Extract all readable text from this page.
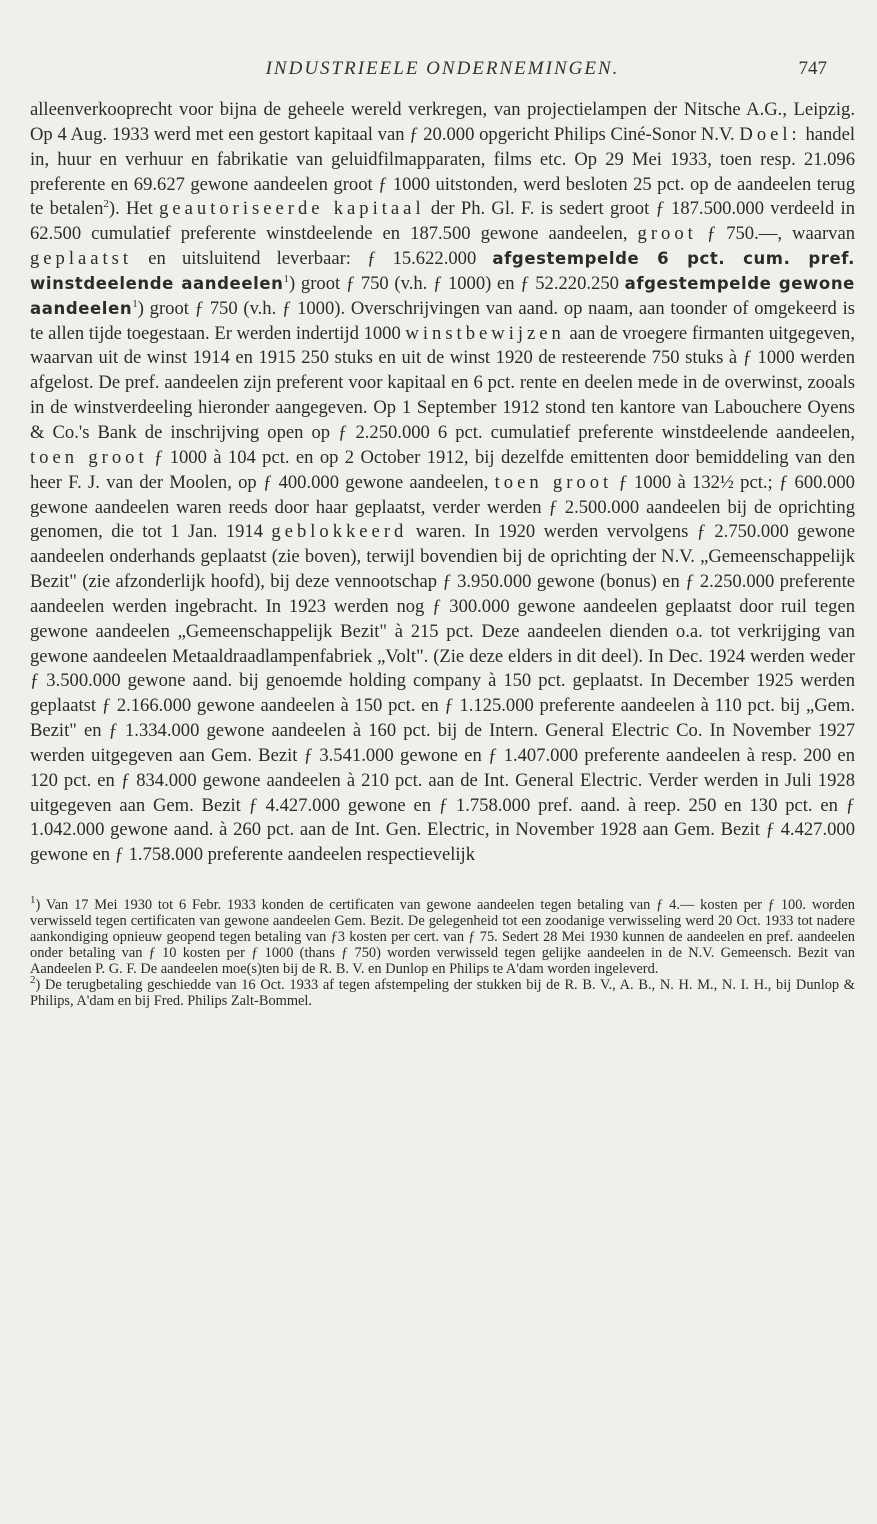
INDUSTRIEELE ONDERNEMINGEN.	747

alleenverkooprecht voor bijna de geheele wereld verkregen, van projectielampen der Nitsche A.G., Leipzig. Op 4 Aug. 1933 werd met een gestort kapitaal van ƒ 20.000 opgericht Philips Ciné-Sonor N.V. Doel: handel in, huur en verhuur en fabrikatie van geluidfilmapparaten, films etc. Op 29 Mei 1933, toen resp. 21.096 preferente en 69.627 gewone aandeelen groot ƒ 1000 uitstonden, werd besloten 25 pct. op de aandeelen terug te betalen$^2$). Het geautoriseerde kapitaal der Ph. Gl. F. is sedert groot ƒ 187.500.000 verdeeld in 62.500 cumulatief preferente winstdeelende en 187.500 gewone aandeelen, groot ƒ 750.—, waarvan geplaatst en uitsluitend leverbaar: ƒ 15.622.000 afgestempelde 6 pct. cum. pref. winstdeelende aandeelen$^1$) groot ƒ 750 (v.h. ƒ 1000) en ƒ 52.220.250 afgestempelde gewone aandeelen$^1$) groot ƒ 750 (v.h. ƒ 1000). Overschrijvingen van aand. op naam, aan toonder of omgekeerd is te allen tijde toegestaan. Er werden indertijd 1000 winstbewijzen aan de vroegere firmanten uitgegeven, waarvan uit de winst 1914 en 1915 250 stuks en uit de winst 1920 de resteerende 750 stuks à ƒ 1000 werden afgelost. De pref. aandeelen zijn preferent voor kapitaal en 6 pct. rente en deelen mede in de overwinst, zooals in de winstverdeeling hieronder aangegeven. Op 1 September 1912 stond ten kantore van Labouchere Oyens & Co.'s Bank de inschrijving open op ƒ 2.250.000 6 pct. cumulatief preferente winstdeelende aandeelen, toen groot ƒ 1000 à 104 pct. en op 2 October 1912, bij dezelfde emittenten door bemiddeling van den heer F. J. van der Moolen, op ƒ 400.000 gewone aandeelen, toen groot ƒ 1000 à 132½ pct.; ƒ 600.000 gewone aandeelen waren reeds door haar geplaatst, verder werden ƒ 2.500.000 aandeelen bij de oprichting genomen, die tot 1 Jan. 1914 geblokkeerd waren. In 1920 werden vervolgens ƒ 2.750.000 gewone aandeelen onderhands geplaatst (zie boven), terwijl bovendien bij de oprichting der N.V. „Gemeenschappelijk Bezit" (zie afzonderlijk hoofd), bij deze vennootschap ƒ 3.950.000 gewone (bonus) en ƒ 2.250.000 preferente aandeelen werden ingebracht. In 1923 werden nog ƒ 300.000 gewone aandeelen geplaatst door ruil tegen gewone aandeelen „Gemeenschappelijk Bezit" à 215 pct. Deze aandeelen dienden o.a. tot verkrijging van gewone aandeelen Metaaldraadlampenfabriek „Volt". (Zie deze elders in dit deel). In Dec. 1924 werden weder ƒ 3.500.000 gewone aand. bij genoemde holding company à 150 pct. geplaatst. In December 1925 werden geplaatst ƒ 2.166.000 gewone aandeelen à 150 pct. en ƒ 1.125.000 preferente aandeelen à 110 pct. bij „Gem. Bezit" en ƒ 1.334.000 gewone aandeelen à 160 pct. bij de Intern. General Electric Co. In November 1927 werden uitgegeven aan Gem. Bezit ƒ 3.541.000 gewone en ƒ 1.407.000 preferente aandeelen à resp. 200 en 120 pct. en ƒ 834.000 gewone aandeelen à 210 pct. aan de Int. General Electric. Verder werden in Juli 1928 uitgegeven aan Gem. Bezit ƒ 4.427.000 gewone en ƒ 1.758.000 pref. aand. à reep. 250 en 130 pct. en ƒ 1.042.000 gewone aand. à 260 pct. aan de Int. Gen. Electric, in November 1928 aan Gem. Bezit ƒ 4.427.000 gewone en ƒ 1.758.000 preferente aandeelen respectievelijk

$^1$) Van 17 Mei 1930 tot 6 Febr. 1933 konden de certificaten van gewone aandeelen tegen betaling van ƒ 4.— kosten per ƒ 100. worden verwisseld tegen certificaten van gewone aandeelen Gem. Bezit. De gelegenheid tot een zoodanige verwisseling werd 20 Oct. 1933 tot nadere aankondiging opnieuw geopend tegen betaling van ƒ3 kosten per cert. van ƒ 75. Sedert 28 Mei 1930 kunnen de aandeelen en pref. aandeelen onder betaling van ƒ 10 kosten per ƒ 1000 (thans ƒ 750) worden verwisseld tegen gelijke aandeelen in de N.V. Gemeensch. Bezit van Aandeelen P. G. F. De aandeelen moe(s)ten bij de R. B. V. en Dunlop en Philips te A'dam worden ingeleverd.

$^2$) De terugbetaling geschiedde van 16 Oct. 1933 af tegen afstempeling der stukken bij de R. B. V., A. B., N. H. M., N. I. H., bij Dunlop & Philips, A'dam en bij Fred. Philips Zalt-Bommel.
